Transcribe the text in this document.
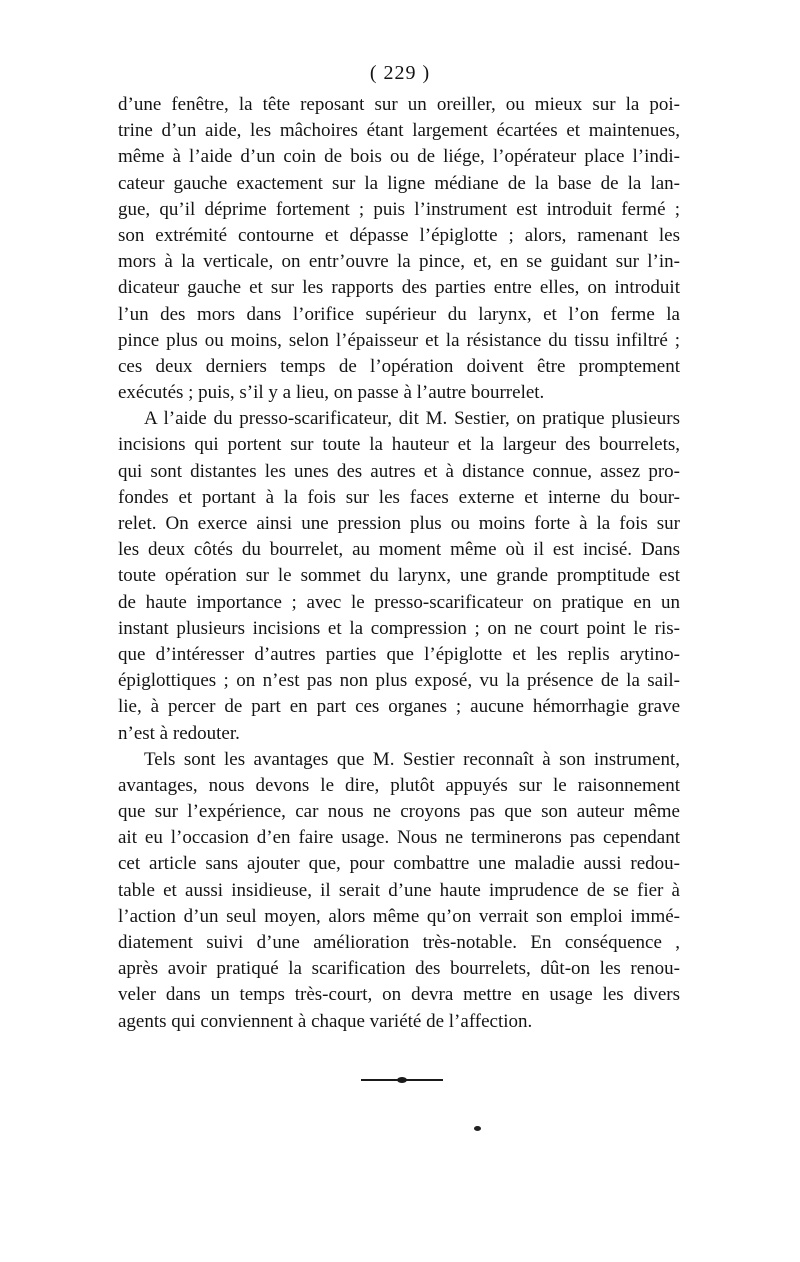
( 229 )
d’une fenêtre, la tête reposant sur un oreiller, ou mieux sur la poi-
trine d’un aide, les mâchoires étant largement écartées et maintenues,
même à l’aide d’un coin de bois ou de liége, l’opérateur place l’indi-
cateur gauche exactement sur la ligne médiane de la base de la lan-
gue, qu’il déprime fortement ; puis l’instrument est introduit fermé ;
son extrémité contourne et dépasse l’épiglotte ; alors, ramenant les
mors à la verticale, on entr’ouvre la pince, et, en se guidant sur l’in-
dicateur gauche et sur les rapports des parties entre elles, on introduit
l’un des mors dans l’orifice supérieur du larynx, et l’on ferme la
pince plus ou moins, selon l’épaisseur et la résistance du tissu infiltré ;
ces deux derniers temps de l’opération doivent être promptement
exécutés ; puis, s’il y a lieu, on passe à l’autre bourrelet.
A l’aide du presso-scarificateur, dit M. Sestier, on pratique plusieurs
incisions qui portent sur toute la hauteur et la largeur des bourrelets,
qui sont distantes les unes des autres et à distance connue, assez pro-
fondes et portant à la fois sur les faces externe et interne du bour-
relet. On exerce ainsi une pression plus ou moins forte à la fois sur
les deux côtés du bourrelet, au moment même où il est incisé. Dans
toute opération sur le sommet du larynx, une grande promptitude est
de haute importance ; avec le presso-scarificateur on pratique en un
instant plusieurs incisions et la compression ; on ne court point le ris-
que d’intéresser d’autres parties que l’épiglotte et les replis arytino-
épiglottiques ; on n’est pas non plus exposé, vu la présence de la sail-
lie, à percer de part en part ces organes ; aucune hémorrhagie grave
n’est à redouter.
Tels sont les avantages que M. Sestier reconnaît à son instrument,
avantages, nous devons le dire, plutôt appuyés sur le raisonnement
que sur l’expérience, car nous ne croyons pas que son auteur même
ait eu l’occasion d’en faire usage. Nous ne terminerons pas cependant
cet article sans ajouter que, pour combattre une maladie aussi redou-
table et aussi insidieuse, il serait d’une haute imprudence de se fier à
l’action d’un seul moyen, alors même qu’on verrait son emploi immé-
diatement suivi d’une amélioration très-notable. En conséquence ,
après avoir pratiqué la scarification des bourrelets, dût-on les renou-
veler dans un temps très-court, on devra mettre en usage les divers
agents qui conviennent à chaque variété de l’affection.
